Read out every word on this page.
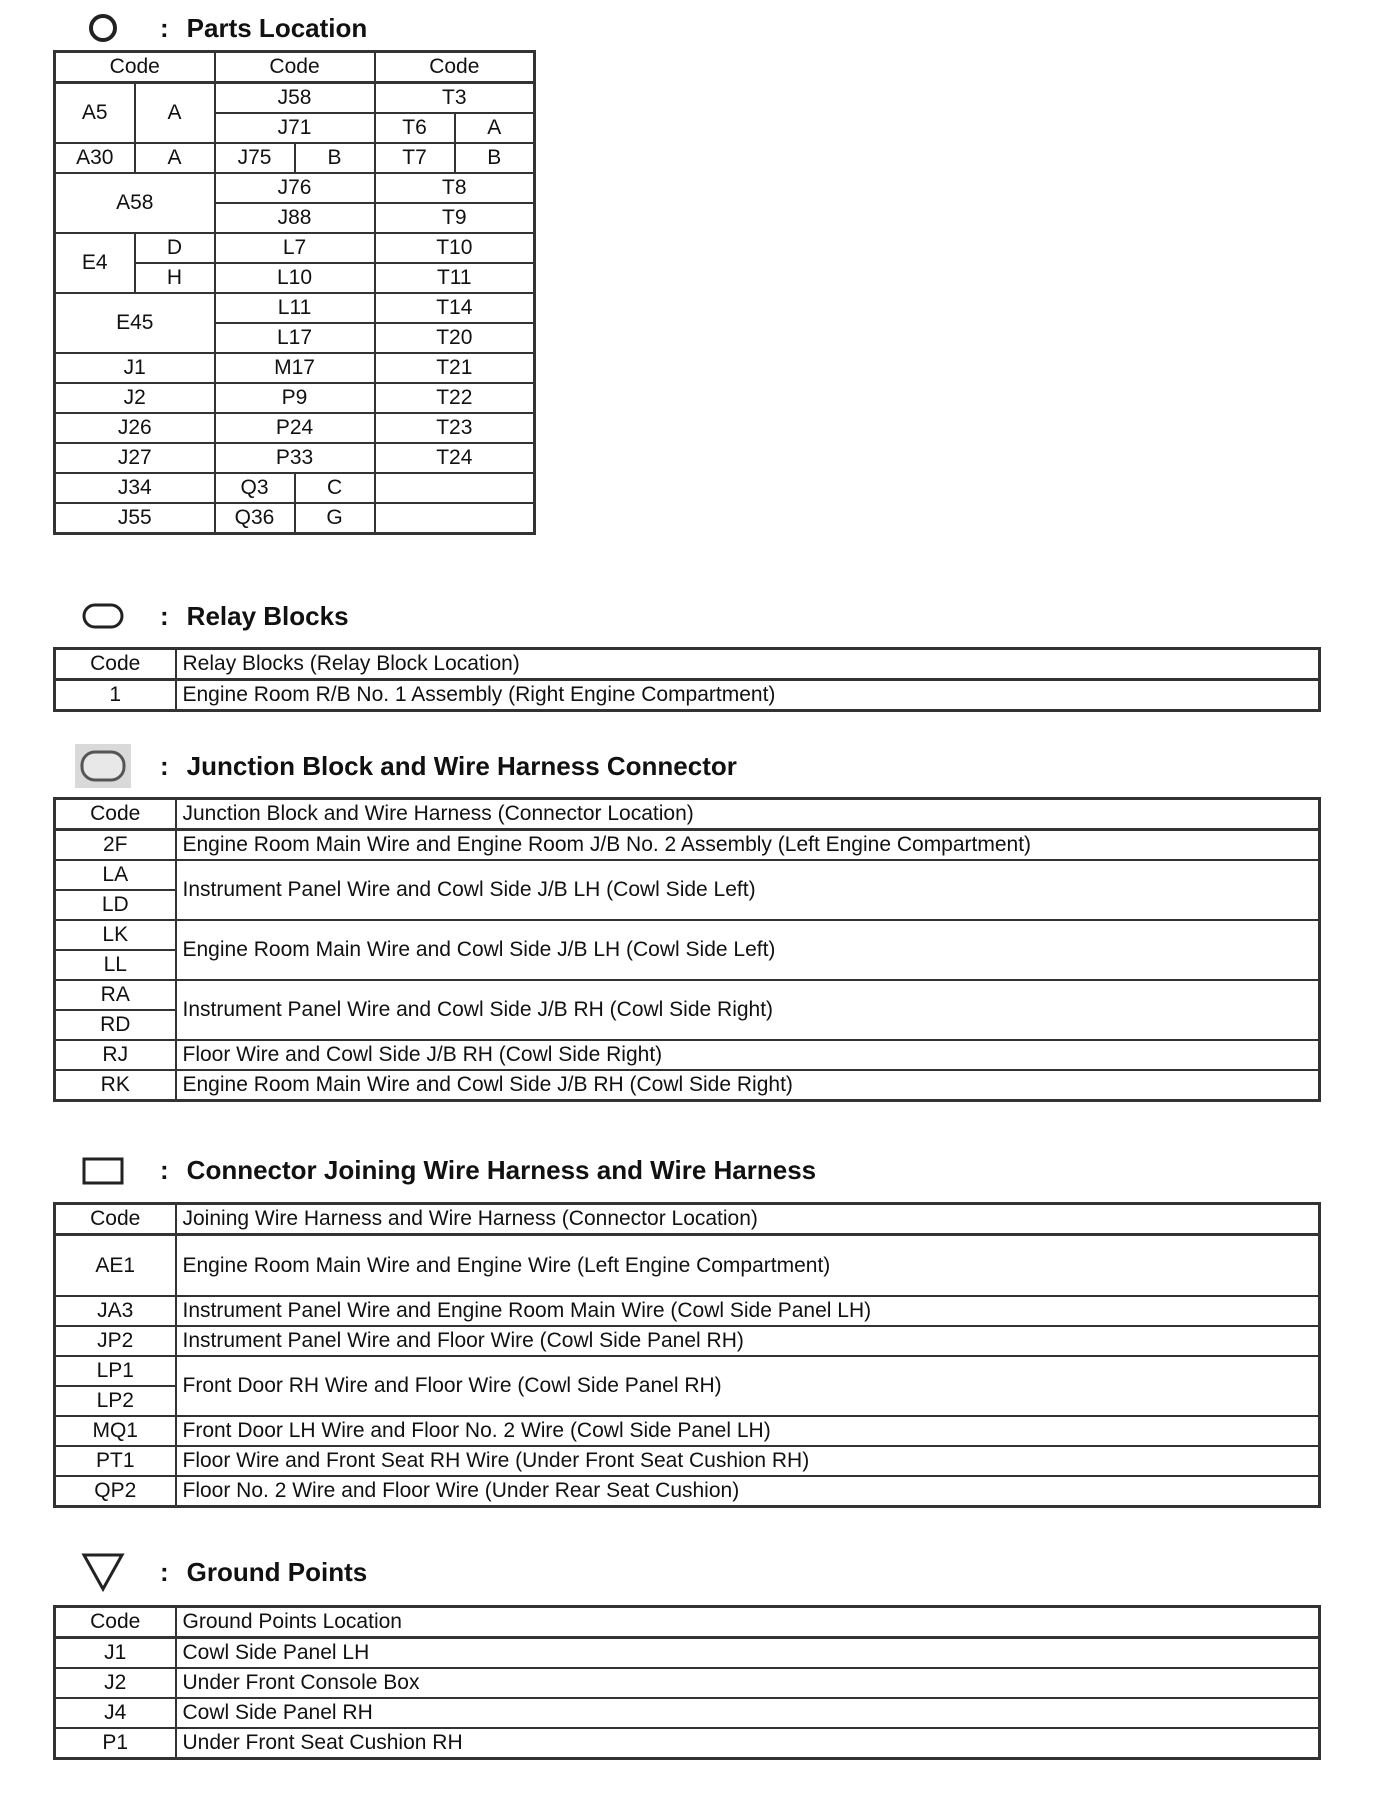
: Parts Location
Code		Code		Code	
A5	A	J58		T3	
		J71		T6	A
A30	A	J75	B	T7	B
A58		J76		T8	
		J88		T9	
E4	D	L7		T10	
	H	L10		T11	
E45		L11		T14	
		L17		T20	
J1		M17		T21	
J2		P9		T22	
J26		P24		T23	
J27		P33		T24	
J34		Q3	C		
J55		Q36	G		
: Relay Blocks
Code	Relay Blocks (Relay Block Location)
1	Engine Room R/B No. 1 Assembly (Right Engine Compartment)
: Junction Block and Wire Harness Connector
Code	Junction Block and Wire Harness (Connector Location)
2F	Engine Room Main Wire and Engine Room J/B No. 2 Assembly (Left Engine Compartment)
LA	Instrument Panel Wire and Cowl Side J/B LH (Cowl Side Left)
LD	
LK	Engine Room Main Wire and Cowl Side J/B LH (Cowl Side Left)
LL	
RA	Instrument Panel Wire and Cowl Side J/B RH (Cowl Side Right)
RD	
RJ	Floor Wire and Cowl Side J/B RH (Cowl Side Right)
RK	Engine Room Main Wire and Cowl Side J/B RH (Cowl Side Right)
: Connector Joining Wire Harness and Wire Harness
Code	Joining Wire Harness and Wire Harness (Connector Location)
AE1	Engine Room Main Wire and Engine Wire (Left Engine Compartment)
JA3	Instrument Panel Wire and Engine Room Main Wire (Cowl Side Panel LH)
JP2	Instrument Panel Wire and Floor Wire (Cowl Side Panel RH)
LP1	Front Door RH Wire and Floor Wire (Cowl Side Panel RH)
LP2	
MQ1	Front Door LH Wire and Floor No. 2 Wire (Cowl Side Panel LH)
PT1	Floor Wire and Front Seat RH Wire (Under Front Seat Cushion RH)
QP2	Floor No. 2 Wire and Floor Wire (Under Rear Seat Cushion)
: Ground Points
Code	Ground Points Location
J1	Cowl Side Panel LH
J2	Under Front Console Box
J4	Cowl Side Panel RH
P1	Under Front Seat Cushion RH
